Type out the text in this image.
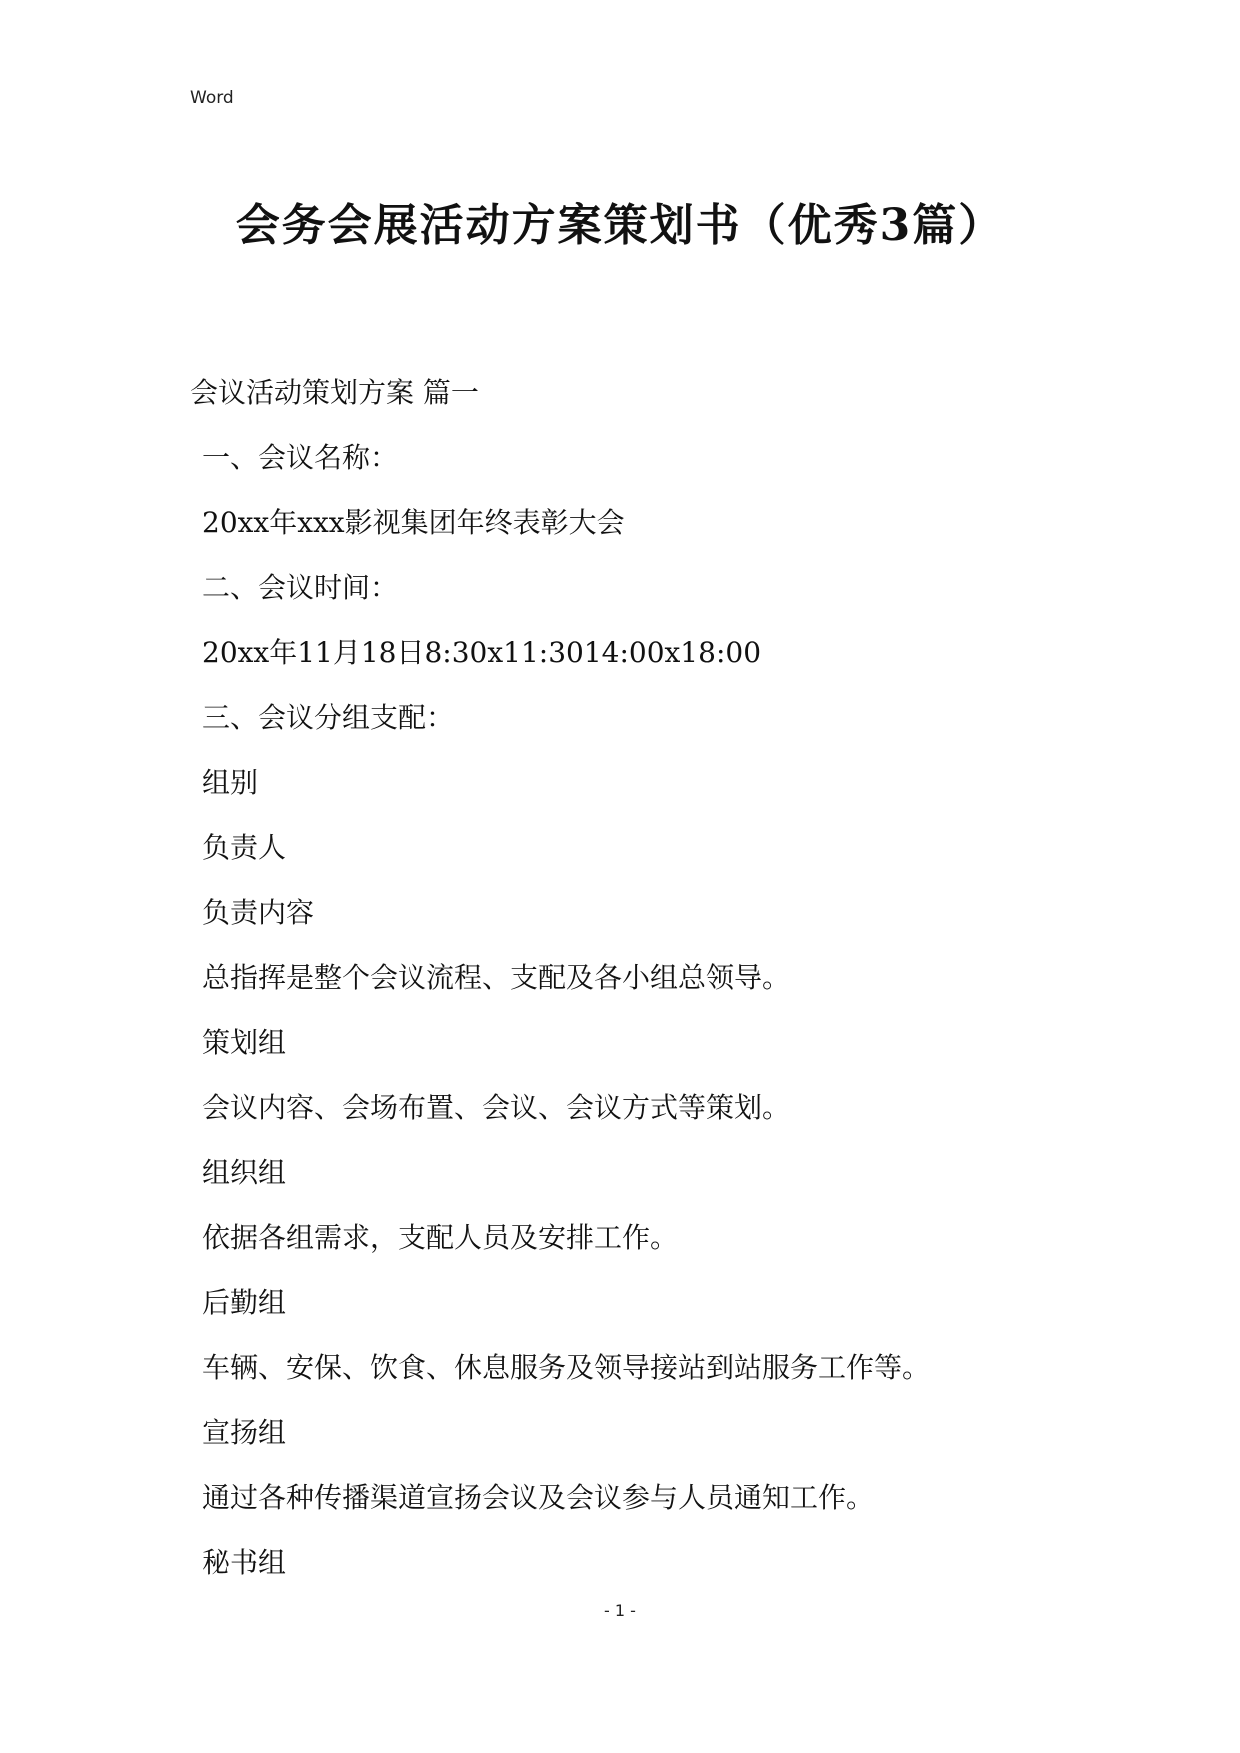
Word
会务会展活动方案策划书（优秀3篇）
会议活动策划方案 篇一
一、会议名称：
20xx年xxx影视集团年终表彰大会
二、会议时间：
20xx年11月18日8:30x11:3014:00x18:00
三、会议分组支配：
组别
负责人
负责内容
总指挥是整个会议流程、支配及各小组总领导。
策划组
会议内容、会场布置、会议、会议方式等策划。
组织组
依据各组需求，支配人员及安排工作。
后勤组
车辆、安保、饮食、休息服务及领导接站到站服务工作等。
宣扬组
通过各种传播渠道宣扬会议及会议参与人员通知工作。
秘书组
- 1 -
